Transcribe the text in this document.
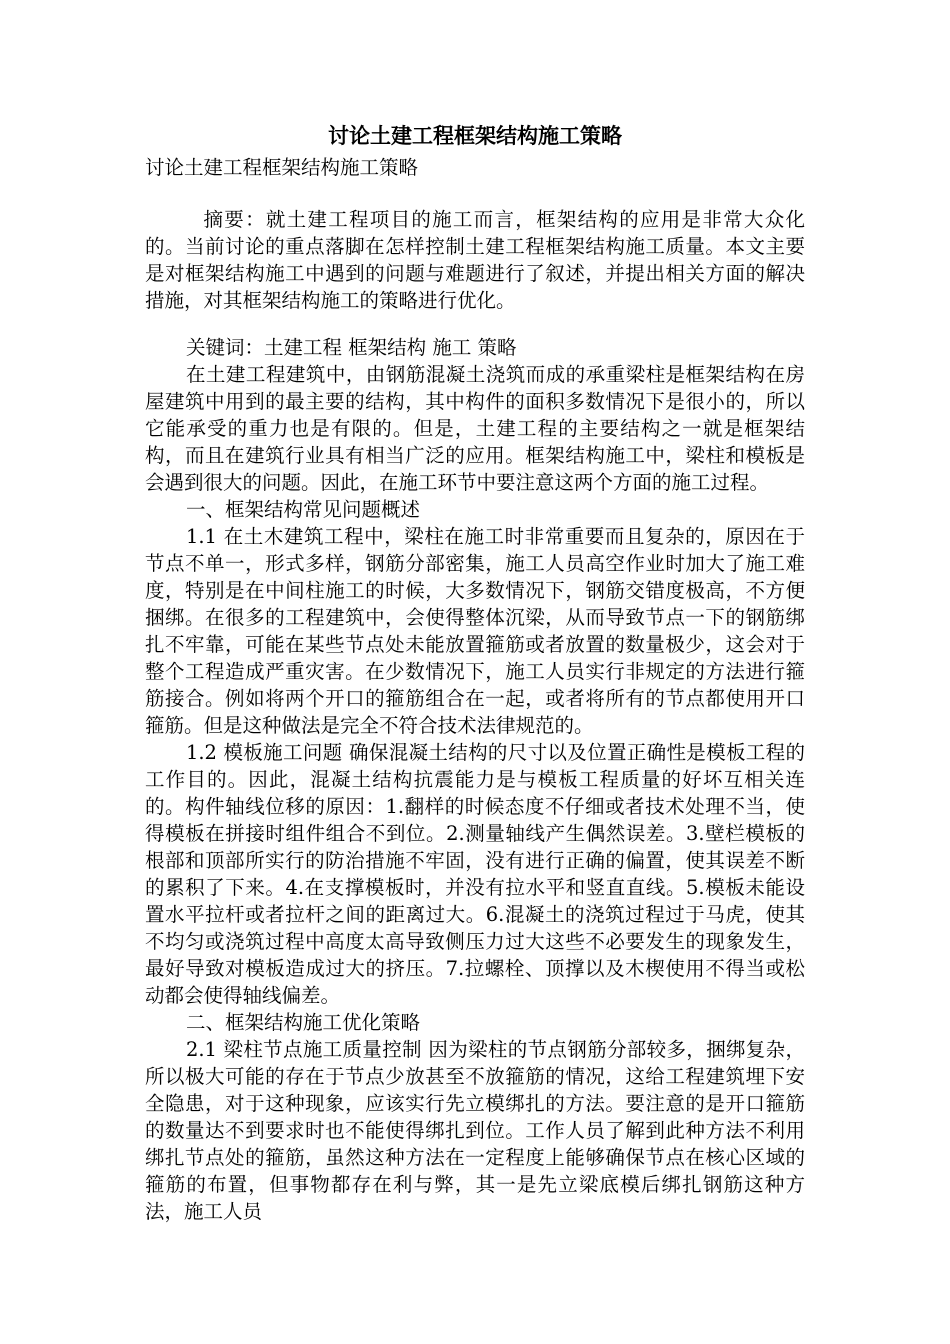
讨论土建工程框架结构施工策略

讨论土建工程框架结构施工策略

摘要：就土建工程项目的施工而言，框架结构的应用是非常大众化的。当前讨论的重点落脚在怎样控制土建工程框架结构施工质量。本文主要是对框架结构施工中遇到的问题与难题进行了叙述，并提出相关方面的解决措施，对其框架结构施工的策略进行优化。

关键词：土建工程 框架结构 施工 策略

在土建工程建筑中，由钢筋混凝土浇筑而成的承重梁柱是框架结构在房屋建筑中用到的最主要的结构，其中构件的面积多数情况下是很小的，所以它能承受的重力也是有限的。但是，土建工程的主要结构之一就是框架结构，而且在建筑行业具有相当广泛的应用。框架结构施工中，梁柱和模板是会遇到很大的问题。因此，在施工环节中要注意这两个方面的施工过程。

一、框架结构常见问题概述

1.1 在土木建筑工程中，梁柱在施工时非常重要而且复杂的，原因在于节点不单一，形式多样，钢筋分部密集，施工人员高空作业时加大了施工难度，特别是在中间柱施工的时候，大多数情况下，钢筋交错度极高，不方便捆绑。在很多的工程建筑中，会使得整体沉梁，从而导致节点一下的钢筋绑扎不牢靠，可能在某些节点处未能放置箍筋或者放置的数量极少，这会对于整个工程造成严重灾害。在少数情况下，施工人员实行非规定的方法进行箍筋接合。例如将两个开口的箍筋组合在一起，或者将所有的节点都使用开口箍筋。但是这种做法是完全不符合技术法律规范的。

1.2 模板施工问题 确保混凝土结构的尺寸以及位置正确性是模板工程的工作目的。因此，混凝土结构抗震能力是与模板工程质量的好坏互相关连的。构件轴线位移的原因：1.翻样的时候态度不仔细或者技术处理不当，使得模板在拼接时组件组合不到位。2.测量轴线产生偶然误差。3.壁栏模板的根部和顶部所实行的防治措施不牢固，没有进行正确的偏置，使其误差不断的累积了下来。4.在支撑模板时，并没有拉水平和竖直直线。5.模板未能设置水平拉杆或者拉杆之间的距离过大。6.混凝土的浇筑过程过于马虎，使其不均匀或浇筑过程中高度太高导致侧压力过大这些不必要发生的现象发生，最好导致对模板造成过大的挤压。7.拉螺栓、顶撑以及木楔使用不得当或松动都会使得轴线偏差。

二、框架结构施工优化策略

2.1 梁柱节点施工质量控制 因为梁柱的节点钢筋分部较多，捆绑复杂，所以极大可能的存在于节点少放甚至不放箍筋的情况，这给工程建筑埋下安全隐患，对于这种现象，应该实行先立模绑扎的方法。要注意的是开口箍筋的数量达不到要求时也不能使得绑扎到位。工作人员了解到此种方法不利用绑扎节点处的箍筋，虽然这种方法在一定程度上能够确保节点在核心区域的箍筋的布置，但事物都存在利与弊，其一是先立梁底模后绑扎钢筋这种方法，施工人员
